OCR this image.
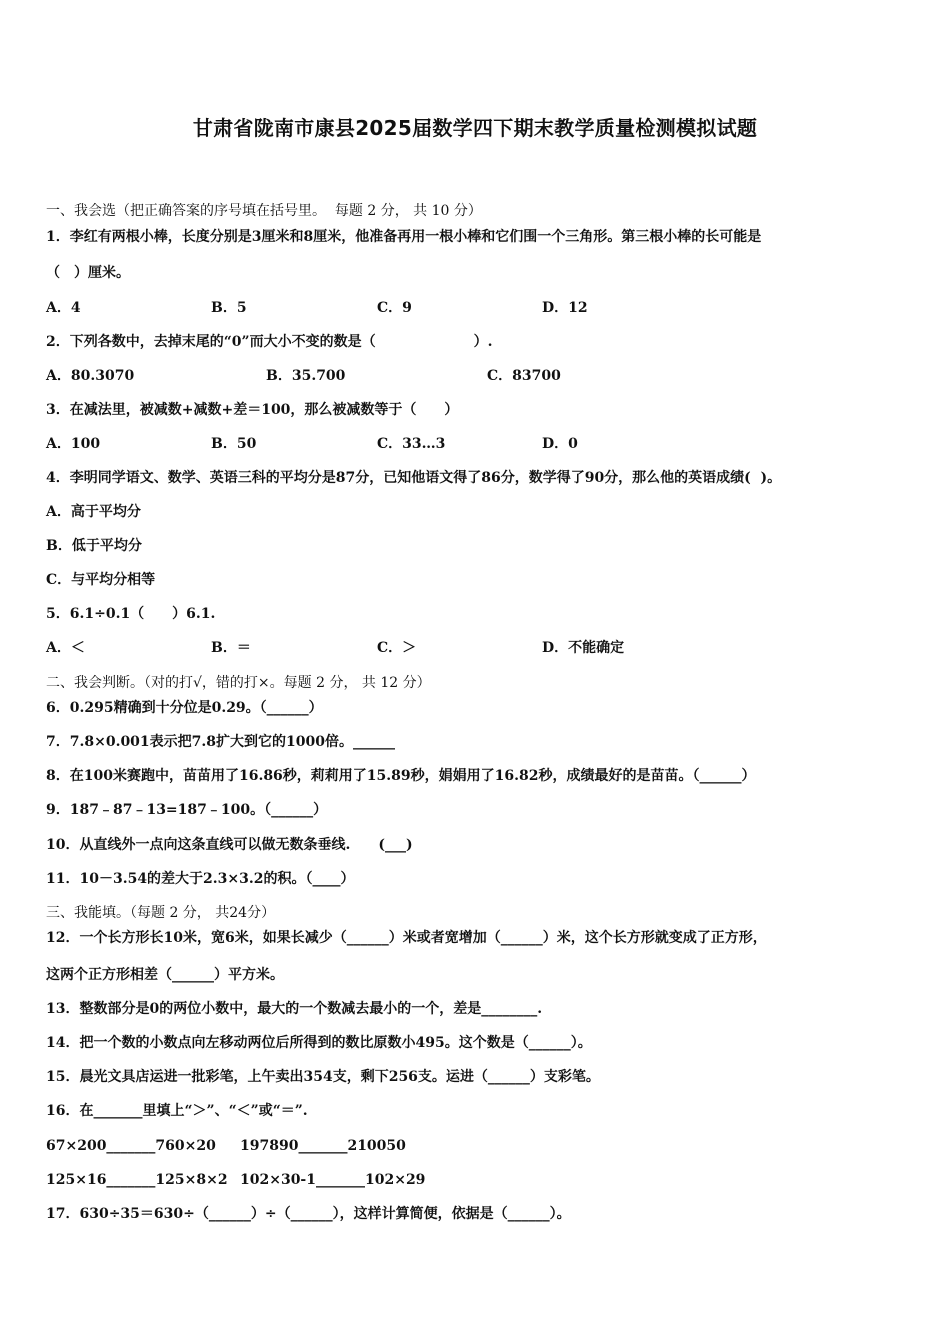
甘肃省陇南市康县2025届数学四下期末教学质量检测模拟试题
一、我会选（把正确答案的序号填在括号里。  每题 2 分， 共 10 分）
1．李红有两根小棒，长度分别是3厘米和8厘米，他准备再用一根小棒和它们围一个三角形。第三根小棒的长可能是
（　）厘米。
A．4	B．5	C．9	D．12
2．下列各数中，去掉末尾的“0”而大小不变的数是（　　　　　　　）.
A．80.3070	B．35.700	C．83700
3．在减法里，被减数+减数+差＝100，那么被减数等于（　　）
A．100	B．50	C．33…3	D．0
4．李明同学语文、数学、英语三科的平均分是87分，已知他语文得了86分，数学得了90分，那么他的英语成绩(  )。
A．高于平均分
B．低于平均分
C．与平均分相等
5．6.1÷0.1（　　）6.1.
A．＜	B．＝	C．＞	D．不能确定
二、我会判断。（对的打√，错的打×。每题 2 分， 共 12 分）
6．0.295精确到十分位是0.29。（______）
7．7.8×0.001表示把7.8扩大到它的1000倍。______
8．在100米赛跑中，苗苗用了16.86秒，莉莉用了15.89秒，娟娟用了16.82秒，成绩最好的是苗苗。（______）
9．187﹣87﹣13=187﹣100。（______）
10．从直线外一点向这条直线可以做无数条垂线.　　(___)
11．10－3.54的差大于2.3×3.2的积。（____）
三、我能填。（每题 2 分， 共24分）
12．一个长方形长10米，宽6米，如果长减少（______）米或者宽增加（______）米，这个长方形就变成了正方形，
这两个正方形相差（______）平方米。
13．整数部分是0的两位小数中，最大的一个数减去最小的一个，差是________.
14．把一个数的小数点向左移动两位后所得到的数比原数小495。这个数是（______）。
15．晨光文具店运进一批彩笔，上午卖出354支，剩下256支。运进（______）支彩笔。
16．在_______里填上“＞”、“＜”或“＝”.
67×200_______760×20 197890_______210050
125×16_______125×8×2 102×30-1_______102×29
17．630÷35＝630÷（______）÷（______），这样计算简便，依据是（______）。
